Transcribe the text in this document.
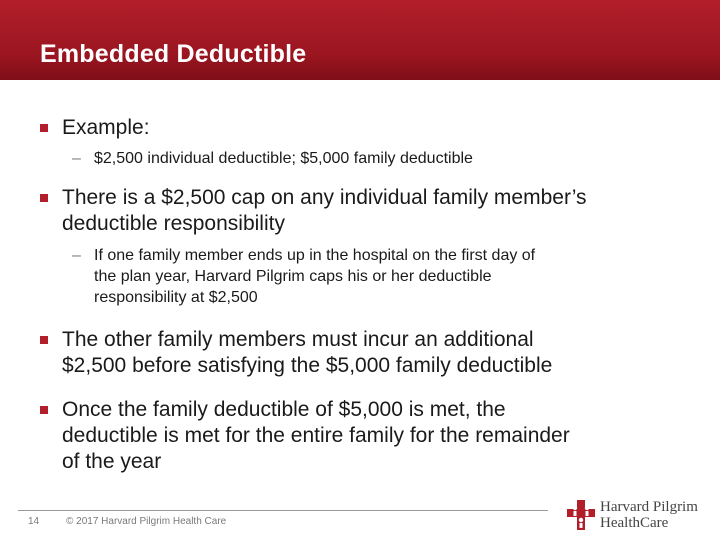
Embedded Deductible
Example:
– $2,500 individual deductible; $5,000 family deductible
There is a $2,500 cap on any individual family member’s
deductible responsibility
– If one family member ends up in the hospital on the first day of
the plan year, Harvard Pilgrim caps his or her deductible
responsibility at $2,500
The other family members must incur an additional
$2,500 before satisfying the $5,000 family deductible
Once the family deductible of $5,000 is met, the
deductible is met for the entire family for the remainder
of the year
14	© 2017 Harvard Pilgrim Health Care
Harvard Pilgrim
HealthCare
